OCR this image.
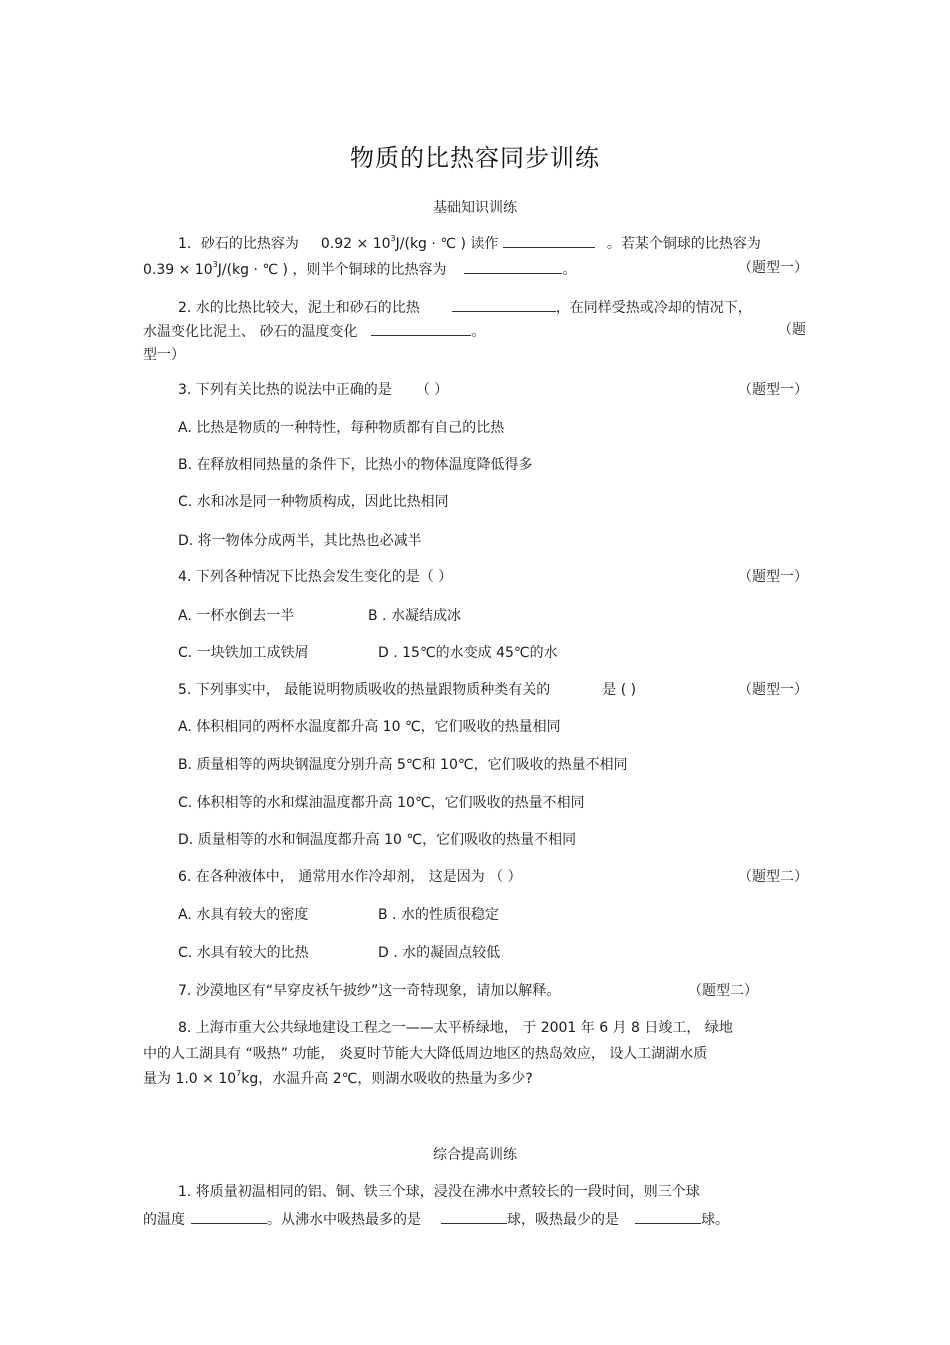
物质的比热容同步训练
基础知识训练
1．砂石的比热容为 $0.92 \times 10^3J/(kg$ · ℃ ) 读作	。若某个铜球的比热容为
$0.39 \times 10^3J/(kg$ · ℃ ) ，则半个铜球的比热容为	。	（题型一）
2. 水的比热比较大，泥土和砂石的比热	，在同样受热或冷却的情况下，
水温变化比泥土、 砂石的温度变化	。	（题
型一）
3. 下列有关比热的说法中正确的是 （ ）	（题型一）
A. 比热是物质的一种特性，每种物质都有自己的比热
B. 在释放相同热量的条件下，比热小的物体温度降低得多
C. 水和冰是同一种物质构成，因此比热相同
D. 将一物体分成两半，其比热也必减半
4. 下列各种情况下比热会发生变化的是（ ）	（题型一）
A. 一杯水倒去一半	B . 水凝结成冰
C. 一块铁加工成铁屑	D . 15℃的水变成 45℃的水
5. 下列事实中， 最能说明物质吸收的热量跟物质种类有关的	是 ( )	（题型一）
A. 体积相同的两杯水温度都升高 10 ℃，它们吸收的热量相同
B. 质量相等的两块钢温度分别升高 5℃和 10℃，它们吸收的热量不相同
C. 体积相等的水和煤油温度都升高 10℃，它们吸收的热量不相同
D. 质量相等的水和铜温度都升高 10 ℃，它们吸收的热量不相同
6. 在各种液体中， 通常用水作冷却剂， 这是因为 （ ）	（题型二）
A. 水具有较大的密度	B . 水的性质很稳定
C. 水具有较大的比热	D . 水的凝固点较低
7. 沙漠地区有“早穿皮袄午披纱”这一奇特现象，请加以解释。	（题型二）
8. 上海市重大公共绿地建设工程之一——太平桥绿地， 于 2001 年 6 月 8 日竣工， 绿地
中的人工湖具有 “吸热” 功能， 炎夏时节能大大降低周边地区的热岛效应， 设人工湖湖水质
量为 $1.0 \times 10^7kg$，水温升高 2℃，则湖水吸收的热量为多少?
综合提高训练
1. 将质量初温相同的铝、铜、铁三个球，浸没在沸水中煮较长的一段时间，则三个球
的温度	。从沸水中吸热最多的是	球，吸热最少的是	球。
